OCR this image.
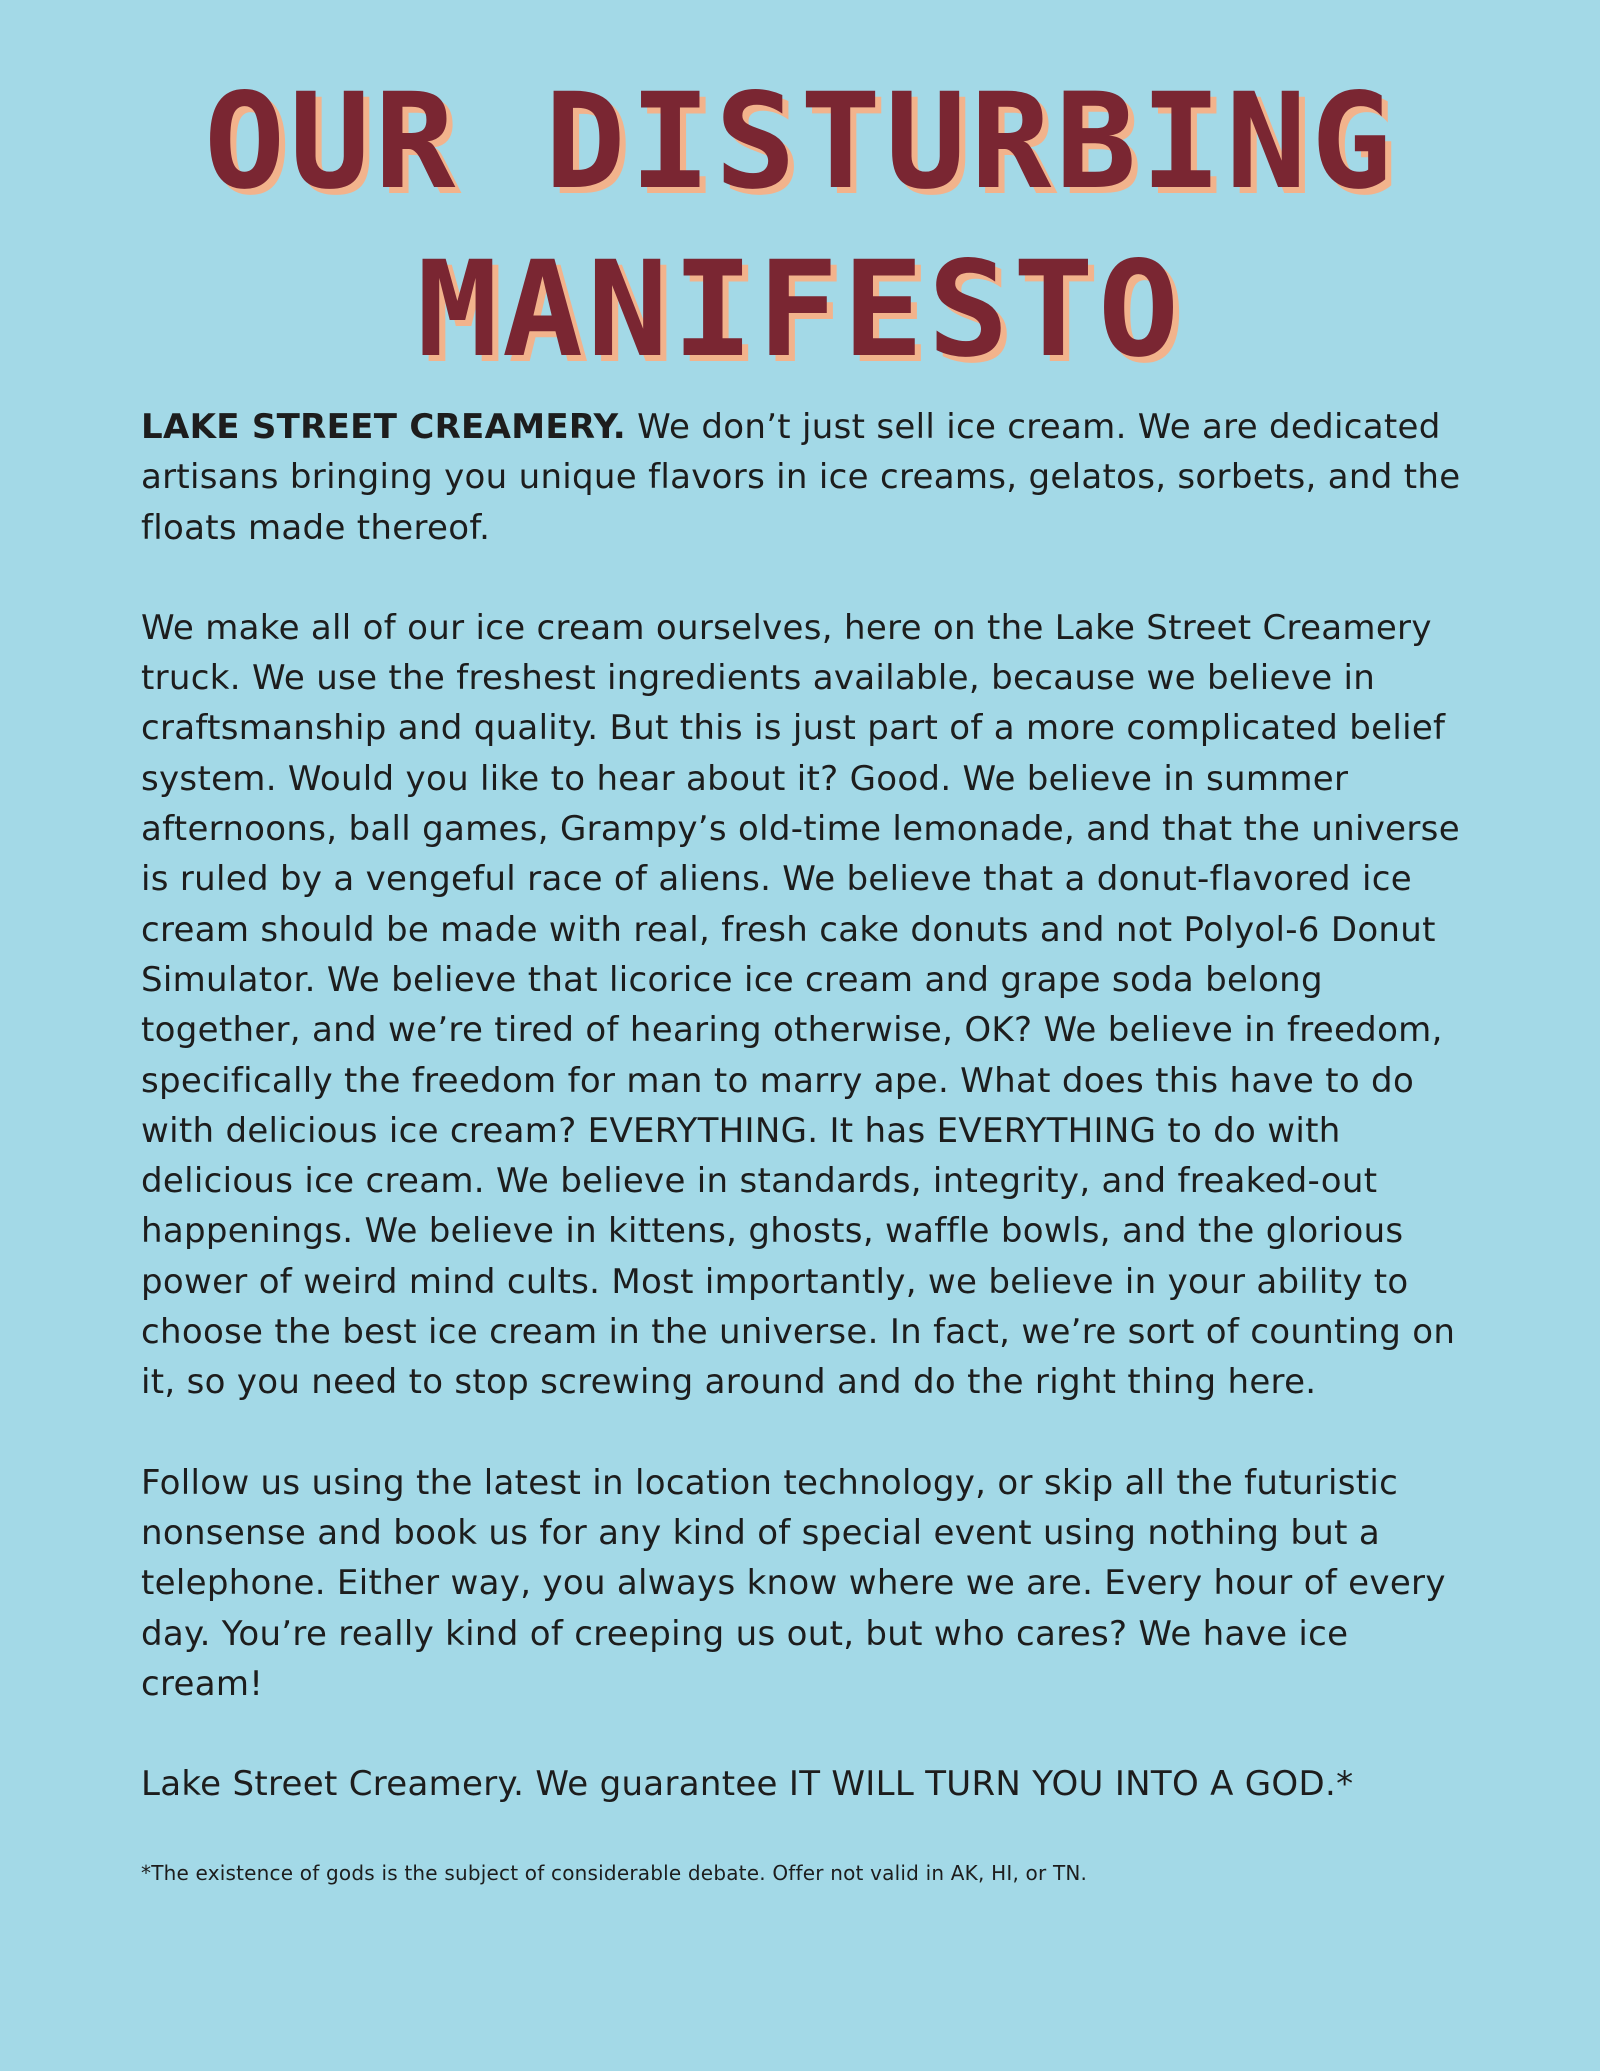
OUR DISTURBING
MANIFESTO

LAKE STREET CREAMERY. We don’t just sell ice cream. We are dedicated artisans bringing you unique flavors in ice creams, gelatos, sorbets, and the floats made thereof.

We make all of our ice cream ourselves, here on the Lake Street Creamery truck. We use the freshest ingredients available, because we believe in craftsmanship and quality. But this is just part of a more complicated belief system. Would you like to hear about it? Good. We believe in summer afternoons, ball games, Grampy’s old-time lemonade, and that the universe is ruled by a vengeful race of aliens. We believe that a donut-flavored ice cream should be made with real, fresh cake donuts and not Polyol-6 Donut Simulator. We believe that licorice ice cream and grape soda belong together, and we’re tired of hearing otherwise, OK? We believe in freedom, specifically the freedom for man to marry ape. What does this have to do with delicious ice cream? EVERYTHING. It has EVERYTHING to do with delicious ice cream. We believe in standards, integrity, and freaked-out happenings. We believe in kittens, ghosts, waffle bowls, and the glorious power of weird mind cults. Most importantly, we believe in your ability to choose the best ice cream in the universe. In fact, we’re sort of counting on it, so you need to stop screwing around and do the right thing here.

Follow us using the latest in location technology, or skip all the futuristic nonsense and book us for any kind of special event using nothing but a telephone. Either way, you always know where we are. Every hour of every day. You’re really kind of creeping us out, but who cares? We have ice cream!

Lake Street Creamery. We guarantee IT WILL TURN YOU INTO A GOD.*

*The existence of gods is the subject of considerable debate. Offer not valid in AK, HI, or TN.
